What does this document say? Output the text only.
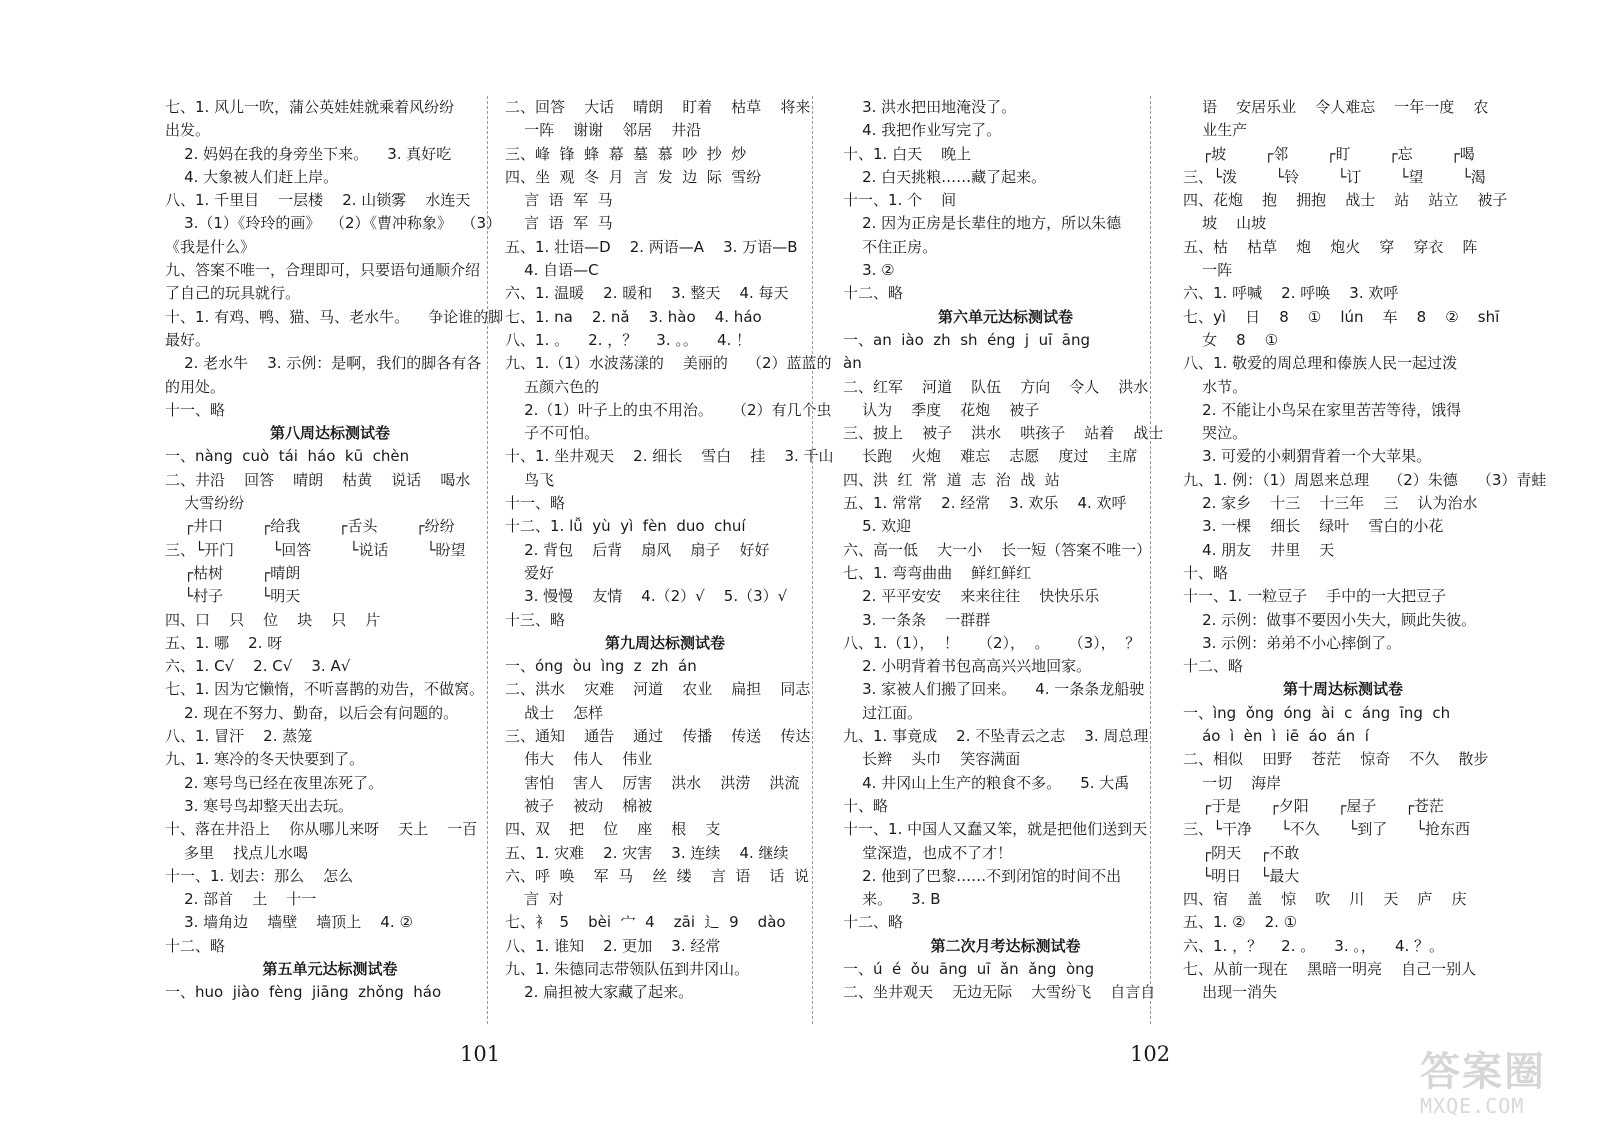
七、1. 风儿一吹，蒲公英娃娃就乘着风纷纷
出发。
2. 妈妈在我的身旁坐下来。    3. 真好吃
4. 大象被人们赶上岸。
八、1. 千里目    一层楼    2. 山锁雾    水连天
3.（1）《玲玲的画》  （2）《曹冲称象》  （3）
《我是什么》
九、答案不唯一，合理即可，只要语句通顺介绍
了自己的玩具就行。
十、1. 有鸡、鸭、猫、马、老水牛。    争论谁的脚
最好。
2. 老水牛    3. 示例：是啊，我们的脚各有各
的用处。
十一、略
第八周达标测试卷
一、nàng  cuò  tái  háo  kū  chèn
二、井沿    回答    晴朗    枯黄    说话    喝水
大雪纷纷
┌井口        ┌给我        ┌舌头        ┌纷纷
三、└开门        └回答        └说话        └盼望
┌枯树        ┌晴朗
└村子        └明天
四、口    只    位    块    只    片
五、1. 哪    2. 呀
六、1. C√    2. C√    3. A√
七、1. 因为它懒惰，不听喜鹊的劝告，不做窝。
2. 现在不努力、勤奋，以后会有问题的。
八、1. 冒汗    2. 蒸笼
九、1. 寒冷的冬天快要到了。
2. 寒号鸟已经在夜里冻死了。
3. 寒号鸟却整天出去玩。
十、落在井沿上    你从哪儿来呀    天上    一百
多里    找点儿水喝
十一、1. 划去：那么    怎么
2. 部首    土    十一
3. 墙角边    墙壁    墙顶上    4. ②
十二、略
第五单元达标测试卷
一、huo  jiào  fèng  jiāng  zhǒng  háo
二、回答    大话    晴朗    盯着    枯草    将来
一阵    谢谢    邻居    井沿
三、峰  锋  蜂  幕  墓  慕  吵  抄  炒
四、坐  观  冬  月  言  发  边  际  雪纷
言  语  军  马
言  语  军  马
五、1. 壮语—D    2. 两语—A    3. 万语—B
4. 自语—C
六、1. 温暖    2. 暖和    3. 整天    4. 每天
七、1. na    2. nǎ    3. hào    4. háo
八、1. 。    2. ，？    3. 。。    4. ！
九、1.（1）水波荡漾的    美丽的    （2）蓝蓝的
五颜六色的
2.（1）叶子上的虫不用治。    （2）有几个虫
子不可怕。
十、1. 坐井观天    2. 细长    雪白    挂    3. 千山
鸟飞
十一、略
十二、1. lǚ  yù  yì  fèn  duo  chuí
2. 背包    后背    扇风    扇子    好好
爱好
3. 慢慢    友情    4.（2）√    5.（3）√
十三、略
第九周达标测试卷
一、óng  òu  ìng  z  zh  án
二、洪水    灾难    河道    农业    扁担    同志
战士    怎样
三、通知    通告    通过    传播    传送    传达
伟大    伟人    伟业
害怕    害人    厉害    洪水    洪涝    洪流
被子    被动    棉被
四、双    把    位    座    根    支
五、1. 灾难    2. 灾害    3. 连续    4. 继续
六、呼  唤    军  马    丝  缕    言  语    话  说
言  对
七、衤  5    bèi  宀  4    zāi  辶  9    dào
八、1. 谁知    2. 更加    3. 经常
九、1. 朱德同志带领队伍到井冈山。
2. 扁担被大家藏了起来。
3. 洪水把田地淹没了。
4. 我把作业写完了。
十、1. 白天    晚上
2. 白天挑粮……藏了起来。
十一、1. 个    间
2. 因为正房是长辈住的地方，所以朱德
不住正房。
3. ②
十二、略
第六单元达标测试卷
一、an  iào  zh  sh  éng  j  uī  āng
àn
二、红军    河道    队伍    方向    令人    洪水
认为    季度    花炮    被子
三、披上    被子    洪水    哄孩子    站着    战士
长跑    火炮    难忘    志愿    度过    主席
四、洪  红  常  道  志  治  战  站
五、1. 常常    2. 经常    3. 欢乐    4. 欢呼
5. 欢迎
六、高一低    大一小    长一短（答案不唯一）
七、1. 弯弯曲曲    鲜红鲜红
2. 平平安安    来来往往    快快乐乐
3. 一条条    一群群
八、1.（1），  ！    （2），  。    （3），  ？
2. 小明背着书包高高兴兴地回家。
3. 家被人们搬了回来。    4. 一条条龙船驶
过江面。
九、1. 事竟成    2. 不坠青云之志    3. 周总理
长辫    头巾    笑容满面
4. 井冈山上生产的粮食不多。    5. 大禹
十、略
十一、1. 中国人又蠢又笨，就是把他们送到天
堂深造，也成不了才！
2. 他到了巴黎……不到闭馆的时间不出
来。    3. B
十二、略
第二次月考达标测试卷
一、ú  é  ǒu  āng  uī  ǎn  ǎng  òng
二、坐井观天    无边无际    大雪纷飞    自言自
语    安居乐业    令人难忘    一年一度    农
业生产
┌坡        ┌邻        ┌盯        ┌忘        ┌喝
三、└泼        └铃        └订        └望        └渴
四、花炮    抱    拥抱    战士    站    站立    被子
坡    山坡
五、枯    枯草    炮    炮火    穿    穿衣    阵
一阵
六、1. 呼喊    2. 呼唤    3. 欢呼
七、yì    日    8    ①    lún    车    8    ②    shī
女    8    ①
八、1. 敬爱的周总理和傣族人民一起过泼
水节。
2. 不能让小鸟呆在家里苦苦等待，饿得
哭泣。
3. 可爱的小刺猬背着一个大苹果。
九、1. 例：（1）周恩来总理    （2）朱德    （3）青蛙
2. 家乡    十三    十三年    三    认为治水
3. 一棵    细长    绿叶    雪白的小花
4. 朋友    井里    天
十、略
十一、1. 一粒豆子    手中的一大把豆子
2. 示例：做事不要因小失大，顾此失彼。
3. 示例：弟弟不小心摔倒了。
十二、略
第十周达标测试卷
一、ìng  ǒng  óng  ài  c  áng  īng  ch
áo  ì  èn  ì  iē  áo  án  í
二、相似    田野    苍茫    惊奇    不久    散步
一切    海岸
┌于是      ┌夕阳      ┌屋子      ┌苍茫
三、└干净      └不久      └到了      └抢东西
┌阴天    ┌不敢
└明日    └最大
四、宿    盖    惊    吹    川    天    庐    庆
五、1. ②    2. ①
六、1. ，？    2. 。    3. 。，    4. ？。
七、从前一现在    黑暗一明亮    自己一别人
出现一消失
101	102	答案圈
MXQE.COM
